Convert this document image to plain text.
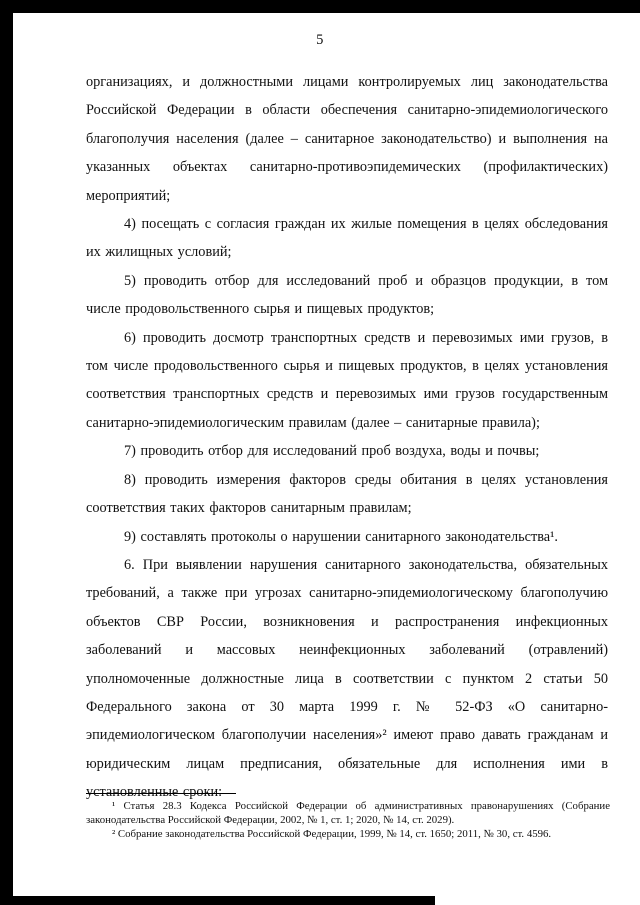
5

организациях, и должностными лицами контролируемых лиц законодательства Российской Федерации в области обеспечения санитарно-эпидемиологического благополучия населения (далее – санитарное законодательство) и выполнения на указанных объектах санитарно-противоэпидемических (профилактических) мероприятий;

4) посещать с согласия граждан их жилые помещения в целях обследования их жилищных условий;

5) проводить отбор для исследований проб и образцов продукции, в том числе продовольственного сырья и пищевых продуктов;

6) проводить досмотр транспортных средств и перевозимых ими грузов, в том числе продовольственного сырья и пищевых продуктов, в целях установления соответствия транспортных средств и перевозимых ими грузов государственным санитарно-эпидемиологическим правилам (далее – санитарные правила);

7) проводить отбор для исследований проб воздуха, воды и почвы;

8) проводить измерения факторов среды обитания в целях установления соответствия таких факторов санитарным правилам;

9) составлять протоколы о нарушении санитарного законодательства¹.

6. При выявлении нарушения санитарного законодательства, обязательных требований, а также при угрозах санитарно-эпидемиологическому благополучию объектов СВР России, возникновения и распространения инфекционных заболеваний и массовых неинфекционных заболеваний (отравлений) уполномоченные должностные лица в соответствии с пунктом 2 статьи 50 Федерального закона от 30 марта 1999 г. № 52-ФЗ «О санитарно-эпидемиологическом благополучии населения»² имеют право давать гражданам и юридическим лицам предписания, обязательные для исполнения ими в установленные сроки:

¹ Статья 28.3 Кодекса Российской Федерации об административных правонарушениях (Собрание законодательства Российской Федерации, 2002, № 1, ст. 1; 2020, № 14, ст. 2029).

² Собрание законодательства Российской Федерации, 1999, № 14, ст. 1650; 2011, № 30, ст. 4596.
